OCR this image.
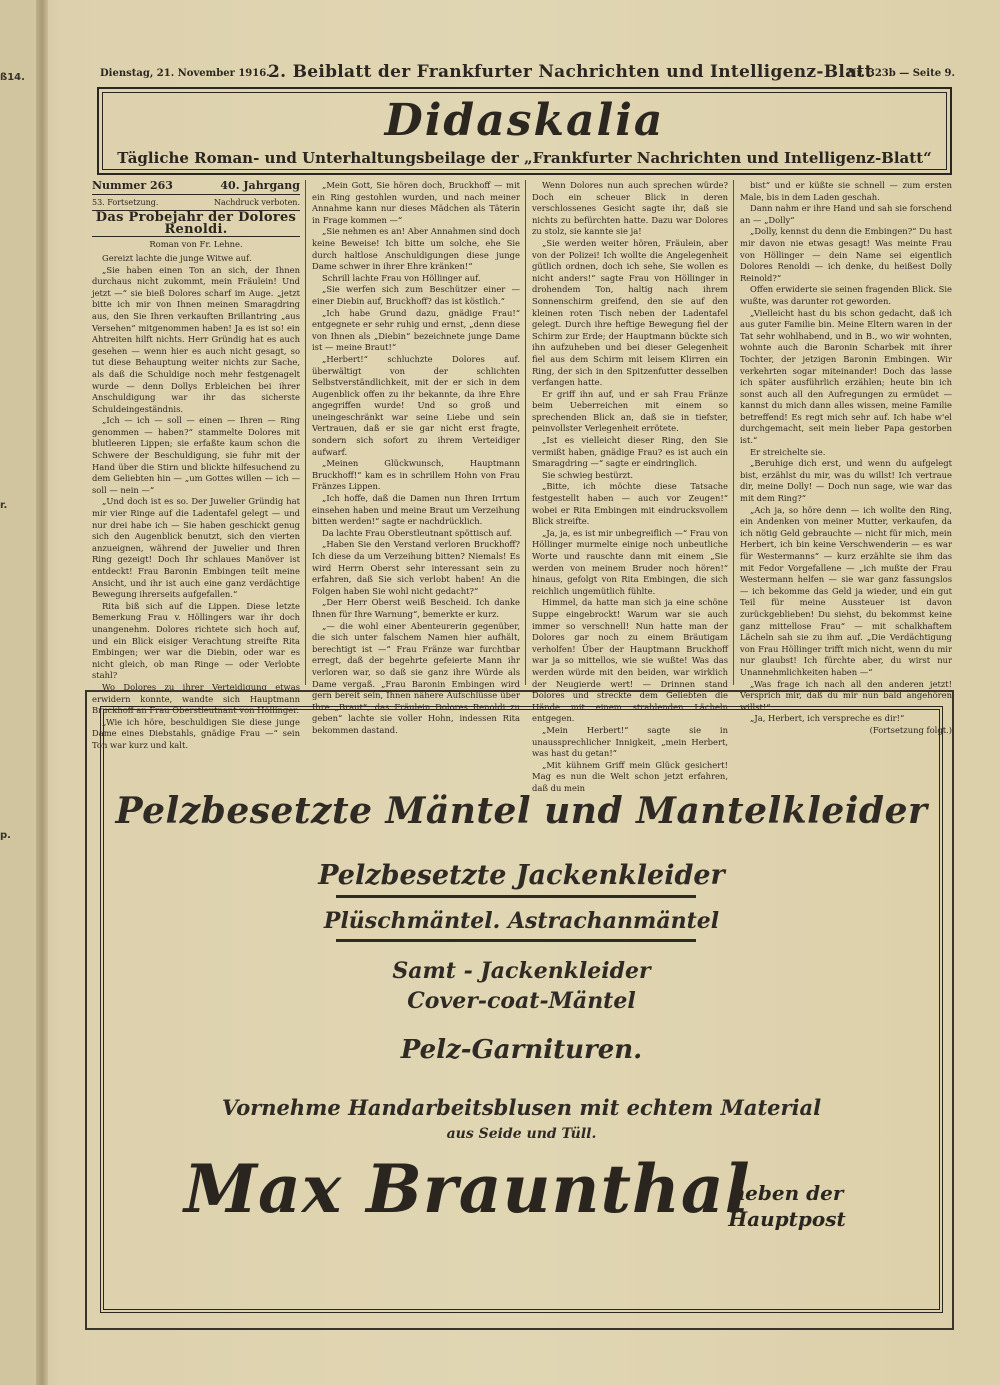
ß14.
r.
p.
Dienstag, 21. November 1916.
2. Beiblatt der Frankfurter Nachrichten und Intelligenz-Blatt
Nr. 323b — Seite 9.
Didaskalia
Tägliche Roman- und Unterhaltungsbeilage der „Frankfurter Nachrichten und Intelligenz-Blatt“
Nummer 263	40. Jahrgang
53. Fortsetzung.	Nachdruck verboten.
Das Probejahr der Dolores Renoldi.
Roman von Fr. Lehne.

Gereizt lachte die junge Witwe auf.

„Sie haben einen Ton an sich, der Ihnen durchaus nicht zukommt, mein Fräulein! Und jetzt —“ sie bieß Dolores scharf im Auge. „jetzt bitte ich mir von Ihnen meinen Smaragdring aus, den Sie Ihren verkauften Brillantring „aus Versehen“ mitgenommen haben! Ja es ist so! ein Ahtreiten hilft nichts. Herr Gründig hat es auch gesehen — wenn hier es auch nicht gesagt, so tut diese Behauptung weiter nichts zur Sache, als daß die Schuldige noch mehr festgenagelt wurde — denn Dollys Erbleichen bei ihrer Anschuldigung war ihr das sicherste Schuldeingeständnis.

„Ich — ich — soll — einen — Ihren — Ring genommen — haben?“ stammelte Dolores mit blutleeren Lippen; sie erfaßte kaum schon die Schwere der Beschuldigung, sie fuhr mit der Hand über die Stirn und blickte hilfesuchend zu dem Geliebten hin — „um Gottes willen — ich — soll — nein —“

„Und doch ist es so. Der Juwelier Gründig hat mir vier Ringe auf die Ladentafel gelegt — und nur drei habe ich — Sie haben geschickt genug sich den Augenblick benutzt, sich den vierten anzueignen, während der Juwelier und Ihren Ring gezeigt! Doch Ihr schlaues Manöver ist entdeckt! Frau Baronin Embingen teilt meine Ansicht, und ihr ist auch eine ganz verdächtige Bewegung ihrerseits aufgefallen.“

Rita biß sich auf die Lippen. Diese letzte Bemerkung Frau v. Höllingers war ihr doch unangenehm. Dolores richtete sich hoch auf, und ein Blick eisiger Verachtung streifte Rita Embingen; wer war die Diebin, oder war es nicht gleich, ob man Ringe — oder Verlobte stahl?

Wo Dolores zu ihrer Verteidigung etwas erwidern konnte, wandte sich Hauptmann Bruckhoff an Frau Oberstleutnant von Höllinger.

„Wie ich höre, beschuldigen Sie diese junge Dame eines Diebstahls, gnädige Frau —“ sein Ton war kurz und kalt.

„Mein Gott, Sie hören doch, Bruckhoff — mit ein Ring gestohlen wurden, und nach meiner Annahme kann nur dieses Mädchen als Täterin in Frage kommen —“

„Sie nehmen es an! Aber Annahmen sind doch keine Beweise! Ich bitte um solche, ehe Sie durch haltlose Anschuldigungen diese junge Dame schwer in ihrer Ehre kränken!“

Schrill lachte Frau von Höllinger auf.

„Sie werfen sich zum Beschützer einer — einer Diebin auf, Bruckhoff? das ist köstlich.“

„Ich habe Grund dazu, gnädige Frau!“ entgegnete er sehr ruhig und ernst, „denn diese von Ihnen als „Diebin“ bezeichnete junge Dame ist — meine Braut!“

„Herbert!“ schluchzte Dolores auf. überwältigt von der schlichten Selbstverständlichkeit, mit der er sich in dem Augenblick offen zu ihr bekannte, da ihre Ehre angegriffen wurde! Und so groß und uneingeschränkt war seine Liebe und sein Vertrauen, daß er sie gar nicht erst fragte, sondern sich sofort zu ihrem Verteidiger aufwarf.

„Meinen Glückwunsch, Hauptmann Bruckhoff!“ kam es in schrillem Hohn von Frau Fränzes Lippen.

„Ich hoffe, daß die Damen nun Ihren Irrtum einsehen haben und meine Braut um Verzeihung bitten werden!“ sagte er nachdrücklich.

Da lachte Frau Oberstleutnant spöttisch auf.

„Haben Sie den Verstand verloren Bruckhoff? Ich diese da um Verzeihung bitten? Niemals! Es wird Herrn Oberst sehr interessant sein zu erfahren, daß Sie sich verlobt haben! An die Folgen haben Sie wohl nicht gedacht?“

„Der Herr Oberst weiß Bescheid. Ich danke Ihnen für Ihre Warnung“, bemerkte er kurz.

„— die wohl einer Abenteurerin gegenüber, die sich unter falschem Namen hier aufhält, berechtigt ist —“ Frau Fränze war furchtbar erregt, daß der begehrte gefeierte Mann ihr verloren war, so daß sie ganz ihre Würde als Dame vergaß. „Frau Baronin Embingen wird gern bereit sein, Ihnen nähere Aufschlüsse über Ihre „Braut“, das Fräulein Dolores Renoldi zu geben“ lachte sie voller Hohn, indessen Rita bekommen dastand.

Wenn Dolores nun auch sprechen würde? Doch ein scheuer Blick in deren verschlossenes Gesicht sagte ihr, daß sie nichts zu befürchten hatte. Dazu war Dolores zu stolz, sie kannte sie ja!

„Sie werden weiter hören, Fräulein, aber von der Polizei! Ich wollte die Angelegenheit gütlich ordnen, doch ich sehe, Sie wollen es nicht anders!“ sagte Frau von Höllinger in drohendem Ton, haltig nach ihrem Sonnenschirm greifend, den sie auf den kleinen roten Tisch neben der Ladentafel gelegt. Durch ihre heftige Bewegung fiel der Schirm zur Erde; der Hauptmann bückte sich ihn aufzuheben und bei dieser Gelegenheit fiel aus dem Schirm mit leisem Klirren ein Ring, der sich in den Spitzenfutter desselben verfangen hatte.

Er griff ihn auf, und er sah Frau Fränze beim Ueberreichen mit einem so sprechenden Blick an, daß sie in tiefster, peinvollster Verlegenheit errötete.

„Ist es vielleicht dieser Ring, den Sie vermißt haben, gnädige Frau? es ist auch ein Smaragdring —“ sagte er eindringlich.

Sie schwieg bestürzt.

„Bitte, ich möchte diese Tatsache festgestellt haben — auch vor Zeugen!“ wobei er Rita Embingen mit eindrucksvollem Blick streifte.

„Ja, ja, es ist mir unbegreiflich —“ Frau von Höllinger murmelte einige noch unbeutliche Worte und rauschte dann mit einem „Sie werden von meinem Bruder noch hören!“ hinaus, gefolgt von Rita Embingen, die sich reichlich ungemütlich fühlte.

Himmel, da hatte man sich ja eine schöne Suppe eingebrockt! Warum war sie auch immer so verschnell! Nun hatte man der Dolores gar noch zu einem Bräutigam verholfen! Über der Hauptmann Bruckhoff war ja so mittellos, wie sie wußte! Was das werden würde mit den beiden, war wirklich der Neugierde wert! — Drinnen stand Dolores und streckte dem Geliebten die Hände mit einem strahlenden Lächeln entgegen.

„Mein Herbert!“ sagte sie in unaussprechlicher Innigkeit, „mein Herbert, was hast du getan!“

„Mit kühnem Griff mein Glück gesichert! Mag es nun die Welt schon jetzt erfahren, daß du mein

bist“ und er küßte sie schnell — zum ersten Male, bis in dem Laden geschah.

Dann nahm er ihre Hand und sah sie forschend an — „Dolly“

„Dolly, kennst du denn die Embingen?“ Du hast mir davon nie etwas gesagt! Was meinte Frau von Höllinger — dein Name sei eigentlich Dolores Renoldi — ich denke, du heißest Dolly Reinold?“

Offen erwiderte sie seinen fragenden Blick. Sie wußte, was darunter rot geworden.

„Vielleicht hast du bis schon gedacht, daß ich aus guter Familie bin. Meine Eltern waren in der Tat sehr wohlhabend, und in B., wo wir wohnten, wohnte auch die Baronin Scharbek mit ihrer Tochter, der jetzigen Baronin Embingen. Wir verkehrten sogar miteinander! Doch das lasse ich später ausführlich erzählen; heute bin ich sonst auch all den Aufregungen zu ermüdet — kannst du mich dann alles wissen, meine Familie betreffend! Es regt mich sehr auf. Ich habe w'el durchgemacht, seit mein lieber Papa gestorben ist.“

Er streichelte sie.

„Beruhige dich erst, und wenn du aufgelegt bist, erzählst du mir, was du willst! Ich vertraue dir, meine Dolly! — Doch nun sage, wie war das mit dem Ring?“

„Ach ja, so höre denn — ich wollte den Ring, ein Andenken von meiner Mutter, verkaufen, da ich nötig Geld gebrauchte — nicht für mich, mein Herbert, ich bin keine Verschwenderin — es war für Westermanns“ — kurz erzählte sie ihm das mit Fedor Vorgefallene — „ich mußte der Frau Westermann helfen — sie war ganz fassungslos — ich bekomme das Geld ja wieder, und ein gut Teil für meine Aussteuer ist davon zurückgeblieben! Du siehst, du bekommst keine ganz mittellose Frau“ — mit schalkhaftem Lächeln sah sie zu ihm auf. „Die Verdächtigung von Frau Höllinger trifft mich nicht, wenn du mir nur glaubst! Ich fürchte aber, du wirst nur Unannehmlichkeiten haben —“

„Was frage ich nach all den anderen jetzt! Versprich mir, daß du mir nun bald angehören willst!“

„Ja, Herbert, ich verspreche es dir!“

(Fortsetzung folgt.)
Pelzbesetzte Mäntel und Mantelkleider
Pelzbesetzte Jackenkleider
Plüschmäntel. Astrachanmäntel
Samt - Jackenkleider
Cover-coat-Mäntel
Pelz-Garnituren.
Vornehme Handarbeitsblusen mit echtem Material
aus Seide und Tüll.
Max Braunthal
neben der Hauptpost
